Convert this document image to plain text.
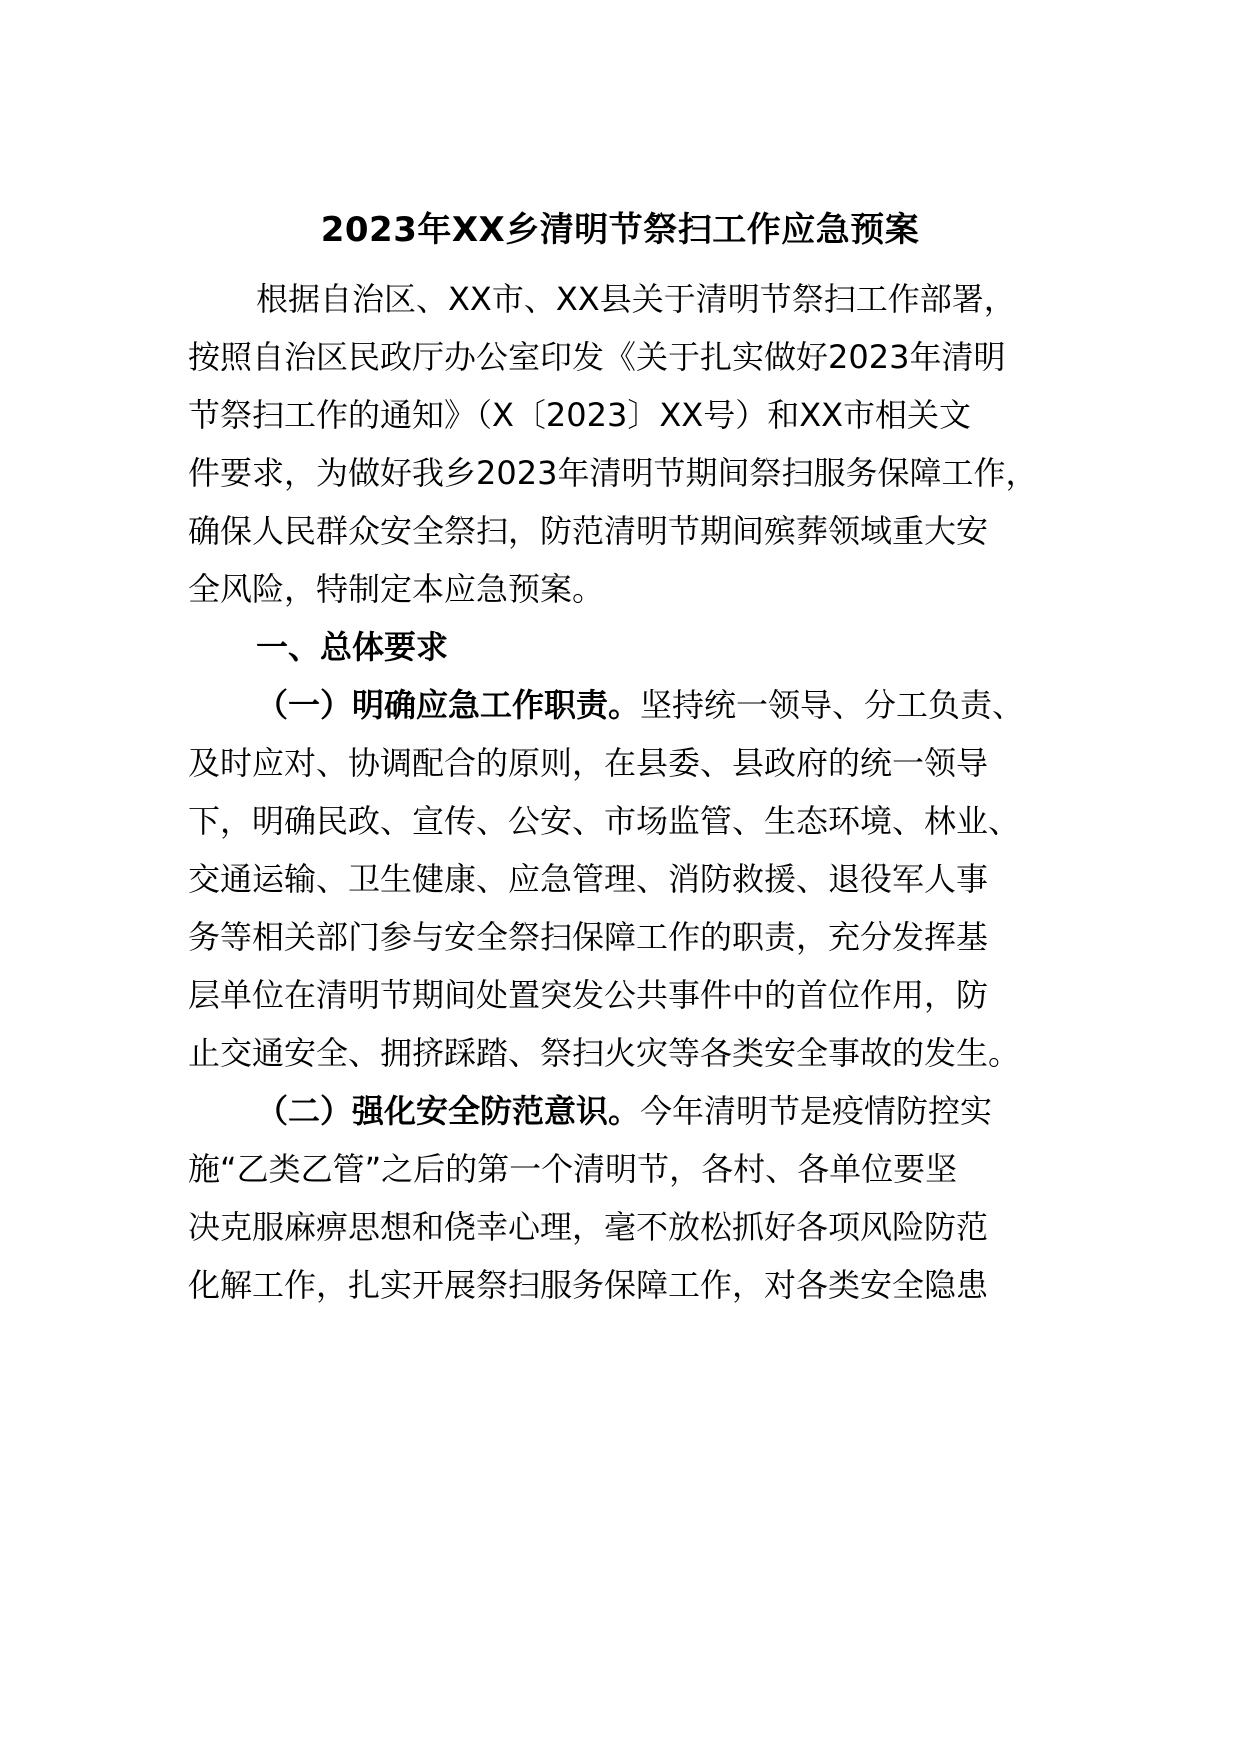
2023年XX乡清明节祭扫工作应急预案
根据自治区、XX市、XX县关于清明节祭扫工作部署，
按照自治区民政厅办公室印发《关于扎实做好2023年清明
节祭扫工作的通知》（X〔2023〕XX号）和XX市相关文
件要求，为做好我乡2023年清明节期间祭扫服务保障工作，
确保人民群众安全祭扫，防范清明节期间殡葬领域重大安
全风险，特制定本应急预案。
一、总体要求
（一）明确应急工作职责。坚持统一领导、分工负责、
及时应对、协调配合的原则，在县委、县政府的统一领导
下，明确民政、宣传、公安、市场监管、生态环境、林业、
交通运输、卫生健康、应急管理、消防救援、退役军人事
务等相关部门参与安全祭扫保障工作的职责，充分发挥基
层单位在清明节期间处置突发公共事件中的首位作用，防
止交通安全、拥挤踩踏、祭扫火灾等各类安全事故的发生。
（二）强化安全防范意识。今年清明节是疫情防控实
施“乙类乙管”之后的第一个清明节，各村、各单位要坚
决克服麻痹思想和侥幸心理，毫不放松抓好各项风险防范
化解工作，扎实开展祭扫服务保障工作，对各类安全隐患
